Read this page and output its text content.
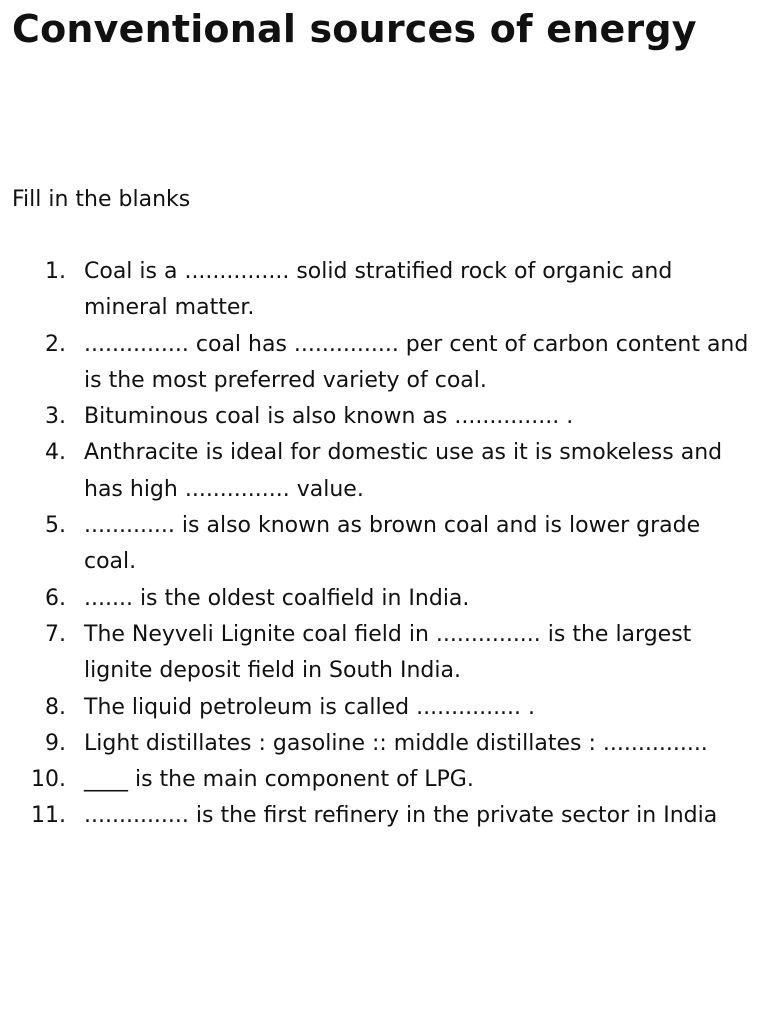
Conventional sources of energy

Fill in the blanks

1. Coal is a ............... solid stratified rock of organic and mineral matter.
2. ............... coal has ............... per cent of carbon content and is the most preferred variety of coal.
3. Bituminous coal is also known as ............... .
4. Anthracite is ideal for domestic use as it is smokeless and has high ............... value.
5. ............. is also known as brown coal and is lower grade coal.
6. ....... is the oldest coalfield in India.
7. The Neyveli Lignite coal field in ............... is the largest lignite deposit field in South India.
8. The liquid petroleum is called ............... .
9. Light distillates : gasoline :: middle distillates : ...............
10. ____ is the main component of LPG.
11. ............... is the first refinery in the private sector in India
